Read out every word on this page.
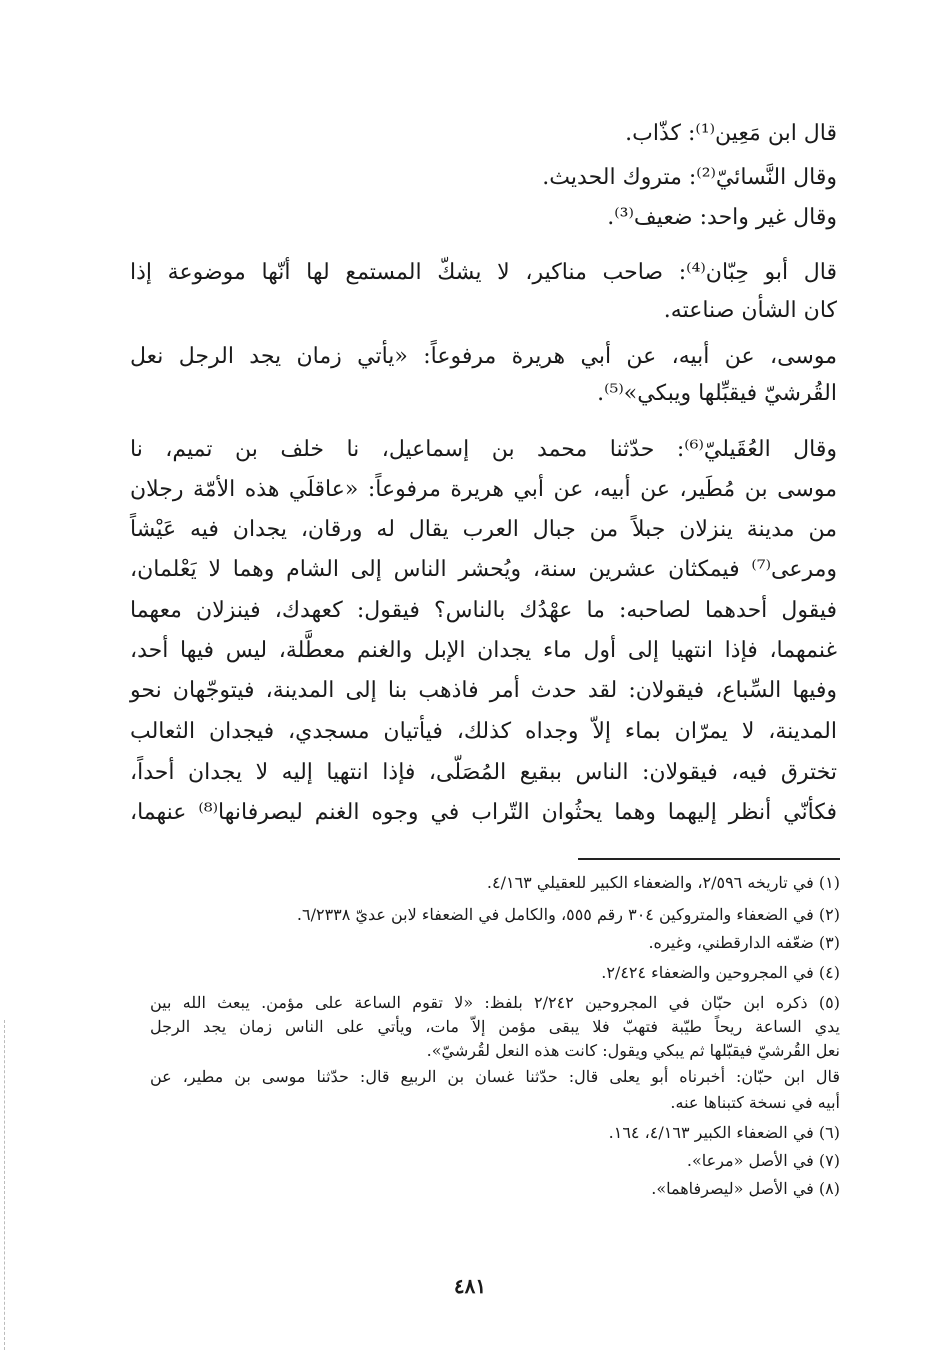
قال ابن مَعِين⁽¹⁾: كذّاب.
وقال النَّسائيّ⁽²⁾: متروك الحديث.
وقال غير واحد: ضعيف⁽³⁾.
قال أبو حِبّان⁽⁴⁾: صاحب مناكير، لا يشكّ المستمع لها أنّها موضوعة إذا
كان الشأن صناعته.
موسى، عن أبيه، عن أبي هريرة مرفوعاً: «يأتي زمان يجد الرجل نعل
القُرشيّ فيقبِّلها ويبكي»⁽⁵⁾.
وقال العُقَيليّ⁽⁶⁾: حدّثنا محمد بن إسماعيل، نا خلف بن تميم، نا
موسى بن مُطَير، عن أبيه، عن أبي هريرة مرفوعاً: «عاقلَي هذه الأمّة رجلان
من مدينة ينزلان جبلاً من جبال العرب يقال له ورقان، يجدان فيه عَيْشاً
ومرعى⁽⁷⁾ فيمكثان عشرين سنة، ويُحشر الناس إلى الشام وهما لا يَعْلمان،
فيقول أحدهما لصاحبه: ما عهْدُك بالناس؟ فيقول: كعهدك، فينزلان معهما
غنمهما، فإذا انتهيا إلى أول ماء يجدان الإبل والغنم معطَّلة، ليس فيها أحد،
وفيها السِّباع، فيقولان: لقد حدث أمر فاذهب بنا إلى المدينة، فيتوجّهان نحو
المدينة، لا يمرّان بماء إلاّ وجداه كذلك، فيأتيان مسجدي، فيجدان الثعالب
تخترق فيه، فيقولان: الناس ببقيع المُصَلّى، فإذا انتهيا إليه لا يجدان أحداً،
فكأنّي أنظر إليهما وهما يحثُوان التّراب في وجوه الغنم ليصرفانها⁽⁸⁾ عنهما،
(١) في تاريخه ٢/٥٩٦، والضعفاء الكبير للعقيلي ٤/١٦٣.
(٢) في الضعفاء والمتروكين ٣٠٤ رقم ٥٥٥، والكامل في الضعفاء لابن عديّ ٦/٢٣٣٨.
(٣) ضعّفه الدارقطني، وغيره.
(٤) في المجروحين والضعفاء ٢/٤٢٤.
(٥) ذكره ابن حبّان في المجروحين ٢/٢٤٢ بلفظ: «لا تقوم الساعة على مؤمن. يبعث الله بين
يدي الساعة ريحاً طيّبة فتهبّ فلا يبقى مؤمن إلاّ مات، ويأتي على الناس زمان يجد الرجل
نعل القُرشيّ فيقبّلها ثم يبكي ويقول: كانت هذه النعل لقُرشيّ».
قال ابن حبّان: أخبرناه أبو يعلى قال: حدّثنا غسان بن الربيع قال: حدّثنا موسى بن مطير، عن
أبيه في نسخة كتبناها عنه.
(٦) في الضعفاء الكبير ٤/١٦٣، ١٦٤.
(٧) في الأصل «مرعا».
(٨) في الأصل «ليصرفاهما».
٤٨١
